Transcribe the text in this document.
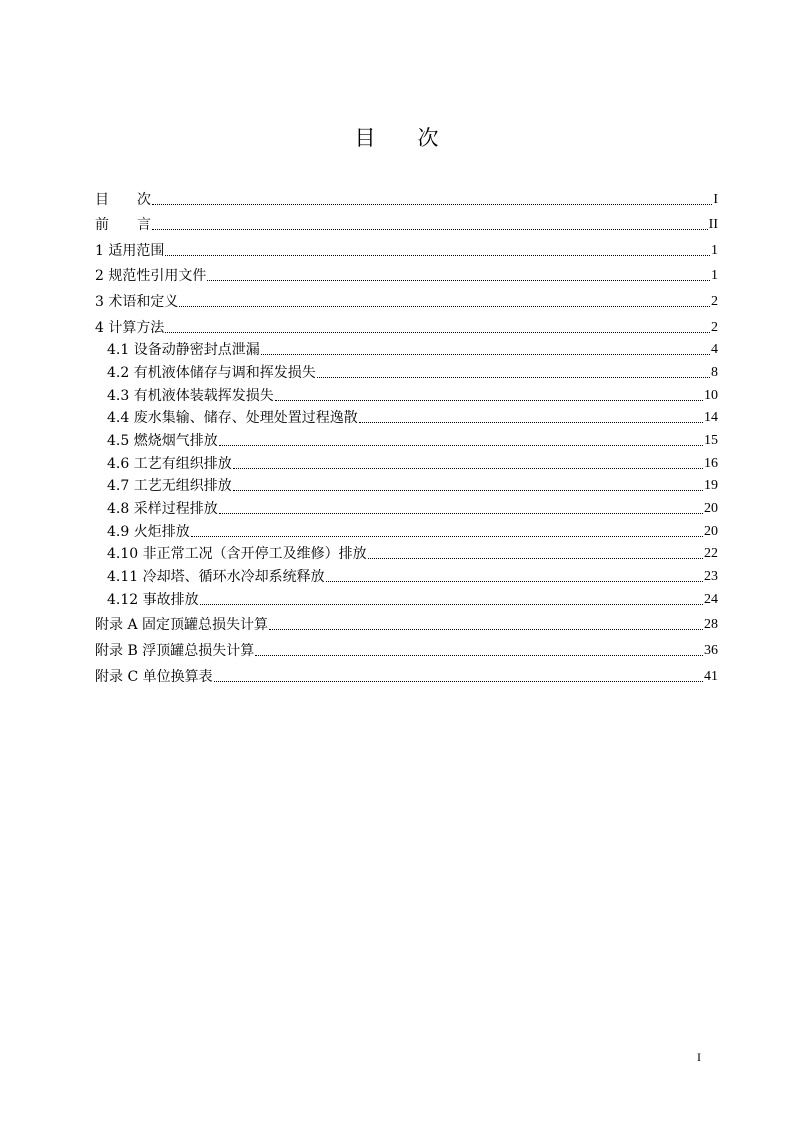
目　　次
目　　次	I
前　　言	II
1 适用范围	1
2 规范性引用文件	1
3 术语和定义	2
4 计算方法	2
4.1 设备动静密封点泄漏	4
4.2 有机液体储存与调和挥发损失	8
4.3 有机液体装载挥发损失	10
4.4 废水集输、储存、处理处置过程逸散	14
4.5 燃烧烟气排放	15
4.6 工艺有组织排放	16
4.7 工艺无组织排放	19
4.8 采样过程排放	20
4.9 火炬排放	20
4.10 非正常工况（含开停工及维修）排放	22
4.11 冷却塔、循环水冷却系统释放	23
4.12 事故排放	24
附录 A 固定顶罐总损失计算	28
附录 B 浮顶罐总损失计算	36
附录 C 单位换算表	41
I
